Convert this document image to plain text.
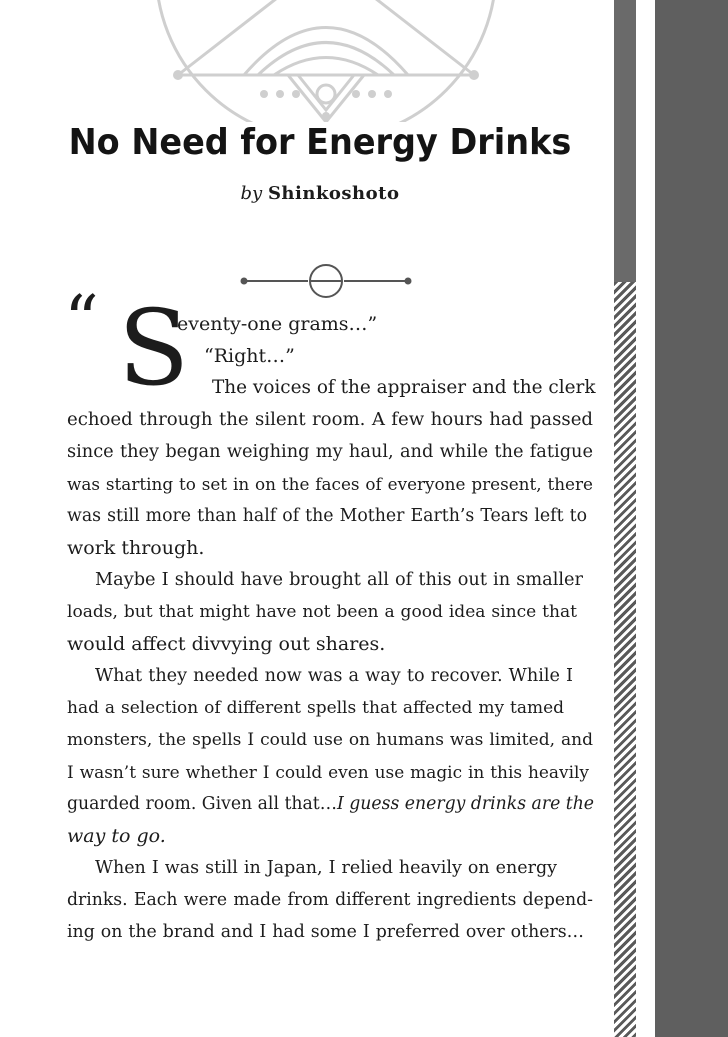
No Need for Energy Drinks
by Shinkoshoto
“ S

eventy-one grams…”

“Right…”

The voices of the appraiser and the clerk

echoed through the silent room. A few hours had passed

since they began weighing my haul, and while the fatigue

was starting to set in on the faces of everyone present, there

was still more than half of the Mother Earth’s Tears left to

work through.

Maybe I should have brought all of this out in smaller

loads, but that might have not been a good idea since that

would affect divvying out shares.

What they needed now was a way to recover. While I

had a selection of different spells that affected my tamed

monsters, the spells I could use on humans was limited, and

I wasn’t sure whether I could even use magic in this heavily

guarded room. Given all that…I guess energy drinks are the

way to go.

When I was still in Japan, I relied heavily on energy

drinks. Each were made from different ingredients depend-

ing on the brand and I had some I preferred over others…
